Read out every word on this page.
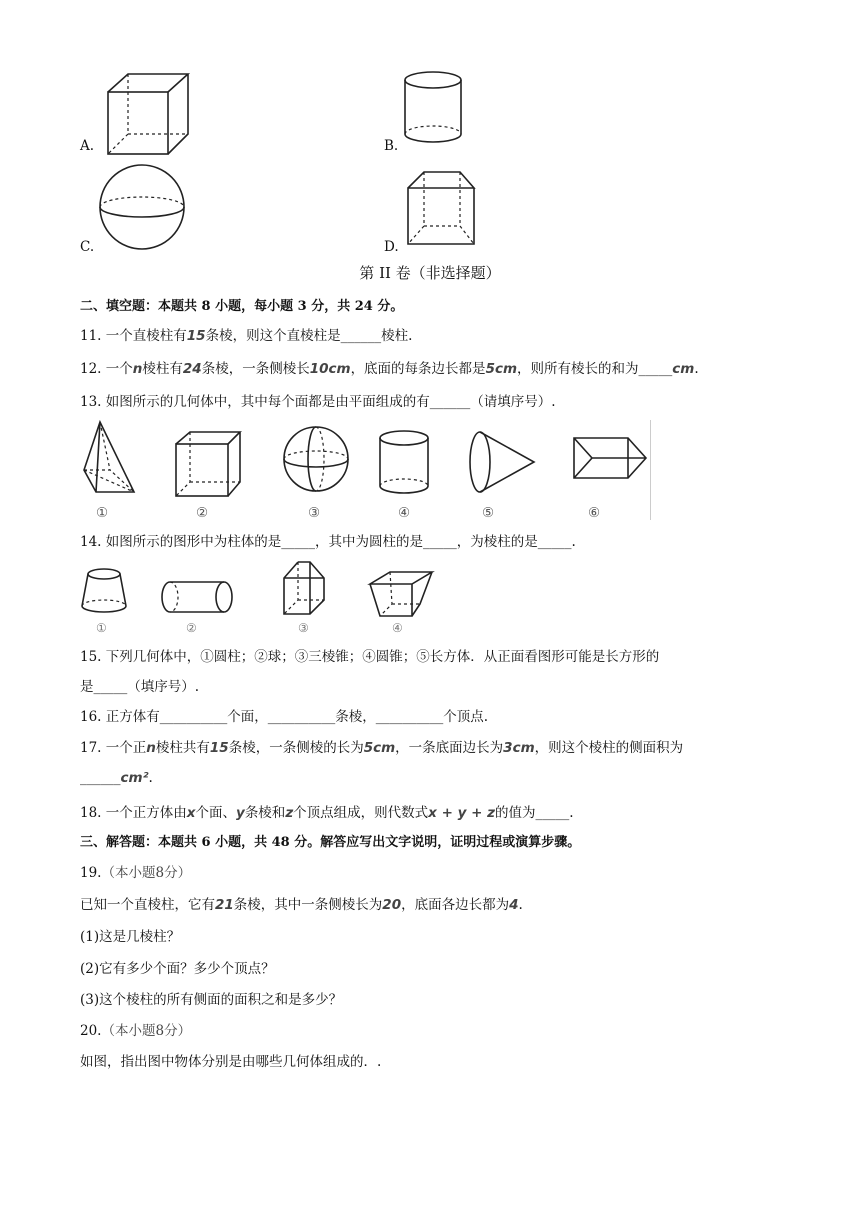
A.	B.
C.	D.
第 II 卷（非选择题）
二、填空题：本题共 8 小题，每小题 3 分，共 24 分。
11. 一个直棱柱有15条棱，则这个直棱柱是______棱柱.
12. 一个n棱柱有24条棱，一条侧棱长10cm，底面的每条边长都是5cm，则所有棱长的和为_____cm.
13. 如图所示的几何体中，其中每个面都是由平面组成的有______（请填序号）.
①	②	③	④	⑤	⑥
14. 如图所示的图形中为柱体的是_____，其中为圆柱的是_____，为棱柱的是_____.
①	②	③	④
15. 下列几何体中，①圆柱；②球；③三棱锥；④圆锥；⑤长方体．从正面看图形可能是长方形的
是_____（填序号）.
16. 正方体有__________个面，__________条棱，__________个顶点.
17. 一个正n棱柱共有15条棱，一条侧棱的长为5cm，一条底面边长为3cm，则这个棱柱的侧面积为
______cm².
18. 一个正方体由x个面、y条棱和z个顶点组成，则代数式x + y + z的值为_____.
三、解答题：本题共 6 小题，共 48 分。解答应写出文字说明，证明过程或演算步骤。
19.（本小题8分）
已知一个直棱柱，它有21条棱，其中一条侧棱长为20，底面各边长都为4.
(1)这是几棱柱？
(2)它有多少个面？多少个顶点？
(3)这个棱柱的所有侧面的面积之和是多少？
20.（本小题8分）
如图，指出图中物体分别是由哪些几何体组成的．.
